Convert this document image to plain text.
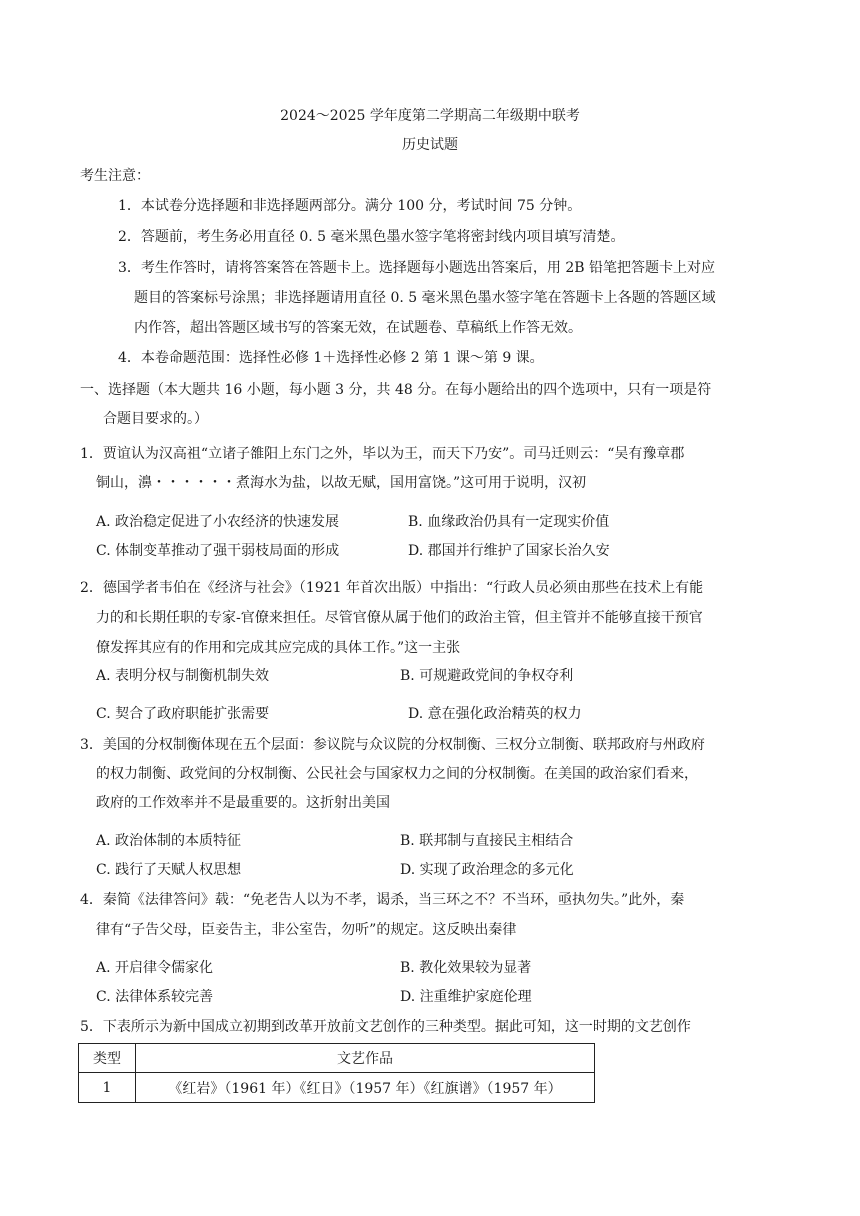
2024～2025 学年度第二学期高二年级期中联考
历史试题
考生注意：
1．本试卷分选择题和非选择题两部分。满分 100 分，考试时间 75 分钟。
2．答题前，考生务必用直径 0. 5 毫米黑色墨水签字笔将密封线内项目填写清楚。
3．考生作答时，请将答案答在答题卡上。选择题每小题选出答案后，用 2B 铅笔把答题卡上对应
题目的答案标号涂黑；非选择题请用直径 0. 5 毫米黑色墨水签字笔在答题卡上各题的答题区域
内作答，超出答题区域书写的答案无效，在试题卷、草稿纸上作答无效。
4．本卷命题范围：选择性必修 1＋选择性必修 2 第 1 课～第 9 课。
一、选择题（本大题共 16 小题，每小题 3 分，共 48 分。在每小题给出的四个选项中，只有一项是符
合题目要求的。）
1．贾谊认为汉高祖“立诸子雒阳上东门之外，毕以为王，而天下乃安”。司马迁则云：“吴有豫章郡
铜山，濞・・・・・・煮海水为盐，以故无赋，国用富饶。”这可用于说明，汉初
A. 政治稳定促进了小农经济的快速发展	B. 血缘政治仍具有一定现实价值
C. 体制变革推动了强干弱枝局面的形成	D. 郡国并行维护了国家长治久安
2．德国学者韦伯在《经济与社会》（1921 年首次出版）中指出：“行政人员必须由那些在技术上有能
力的和长期任职的专家-官僚来担任。尽管官僚从属于他们的政治主管，但主管并不能够直接干预官
僚发挥其应有的作用和完成其应完成的具体工作。”这一主张
A. 表明分权与制衡机制失效	B. 可规避政党间的争权夺利
C. 契合了政府职能扩张需要	D. 意在强化政治精英的权力
3．美国的分权制衡体现在五个层面：参议院与众议院的分权制衡、三权分立制衡、联邦政府与州政府
的权力制衡、政党间的分权制衡、公民社会与国家权力之间的分权制衡。在美国的政治家们看来，
政府的工作效率并不是最重要的。这折射出美国
A. 政治体制的本质特征	B. 联邦制与直接民主相结合
C. 践行了天赋人权思想	D. 实现了政治理念的多元化
4．秦简《法律答问》载：“免老告人以为不孝，谒杀，当三环之不？不当环，亟执勿失。”此外，秦
律有“子告父母，臣妾告主，非公室告，勿听”的规定。这反映出秦律
A. 开启律令儒家化	B. 教化效果较为显著
C. 法律体系较完善	D. 注重维护家庭伦理
5．下表所示为新中国成立初期到改革开放前文艺创作的三种类型。据此可知，这一时期的文艺创作
类型	文艺作品
1	《红岩》（1961 年）《红日》（1957 年）《红旗谱》（1957 年）
